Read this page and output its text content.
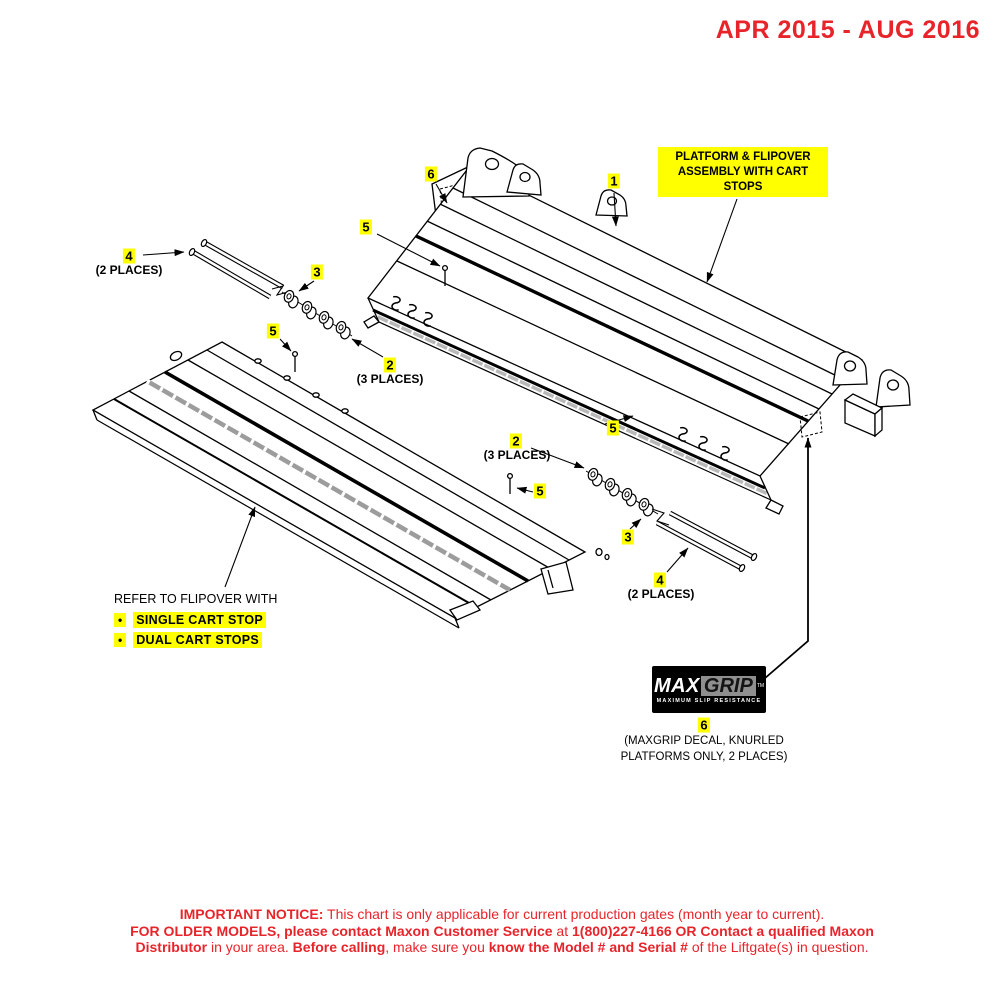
APR 2015 - AUG 2016
PLATFORM & FLIPOVER
ASSEMBLY WITH CART
STOPS
6
5
1
4
(2 PLACES)	3
2
(3 PLACES)
5
5
2
(3 PLACES)
5
3
4
(2 PLACES)
REFER TO FLIPOVER WITH
•	SINGLE CART STOP
•	DUAL CART STOPS
MAX GRIP TM
MAXIMUM SLIP RESISTANCE
6
(MAXGRIP DECAL, KNURLED
PLATFORMS ONLY, 2 PLACES)
IMPORTANT NOTICE: This chart is only applicable for current production gates (month year to current).
FOR OLDER MODELS, please contact Maxon Customer Service at 1(800)227-4166 OR Contact a qualified Maxon
Distributor in your area. Before calling, make sure you know the Model # and Serial # of the Liftgate(s) in question.
